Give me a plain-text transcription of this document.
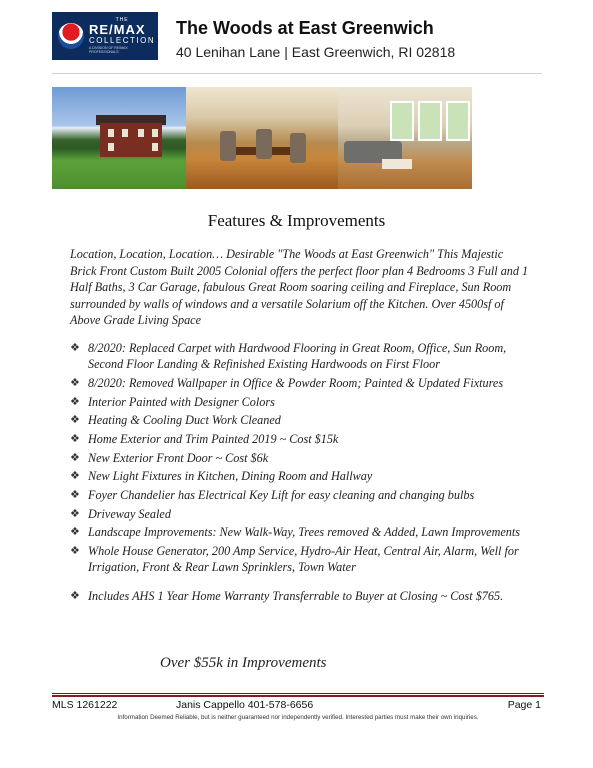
THE
RE/MAX
COLLECTION
A DIVISION OF RE/MAX PROFESSIONALS
The Woods at East Greenwich
40 Lenihan Lane | East Greenwich, RI 02818
Features & Improvements
Location, Location, Location… Desirable "The Woods at East Greenwich" This Majestic Brick Front Custom Built 2005 Colonial offers the perfect floor plan 4 Bedrooms 3 Full and 1 Half Baths, 3 Car Garage, fabulous Great Room soaring ceiling and Fireplace, Sun Room surrounded by walls of windows and a versatile Solarium off the Kitchen. Over 4500sf of Above Grade Living Space
❖ 8/2020: Replaced Carpet with Hardwood Flooring in Great Room, Office, Sun Room, Second Floor Landing & Refinished Existing Hardwoods on First Floor
❖ 8/2020: Removed Wallpaper in Office & Powder Room; Painted & Updated Fixtures
❖ Interior Painted with Designer Colors
❖ Heating & Cooling Duct Work Cleaned
❖ Home Exterior and Trim Painted 2019 ~ Cost $15k
❖ New Exterior Front Door ~ Cost $6k
❖ New Light Fixtures in Kitchen, Dining Room and Hallway
❖ Foyer Chandelier has Electrical Key Lift for easy cleaning and changing bulbs
❖ Driveway Sealed
❖ Landscape Improvements: New Walk-Way, Trees removed & Added, Lawn Improvements
❖ Whole House Generator, 200 Amp Service, Hydro-Air Heat, Central Air, Alarm, Well for Irrigation, Front & Rear Lawn Sprinklers, Town Water
❖ Includes AHS 1 Year Home Warranty Transferrable to Buyer at Closing ~ Cost $765.
Over $55k in Improvements
MLS 1261222	Janis Cappello 401-578-6656	Page 1
Information Deemed Reliable, but is neither guaranteed nor independently verified. Interested parties must make their own inquiries.
